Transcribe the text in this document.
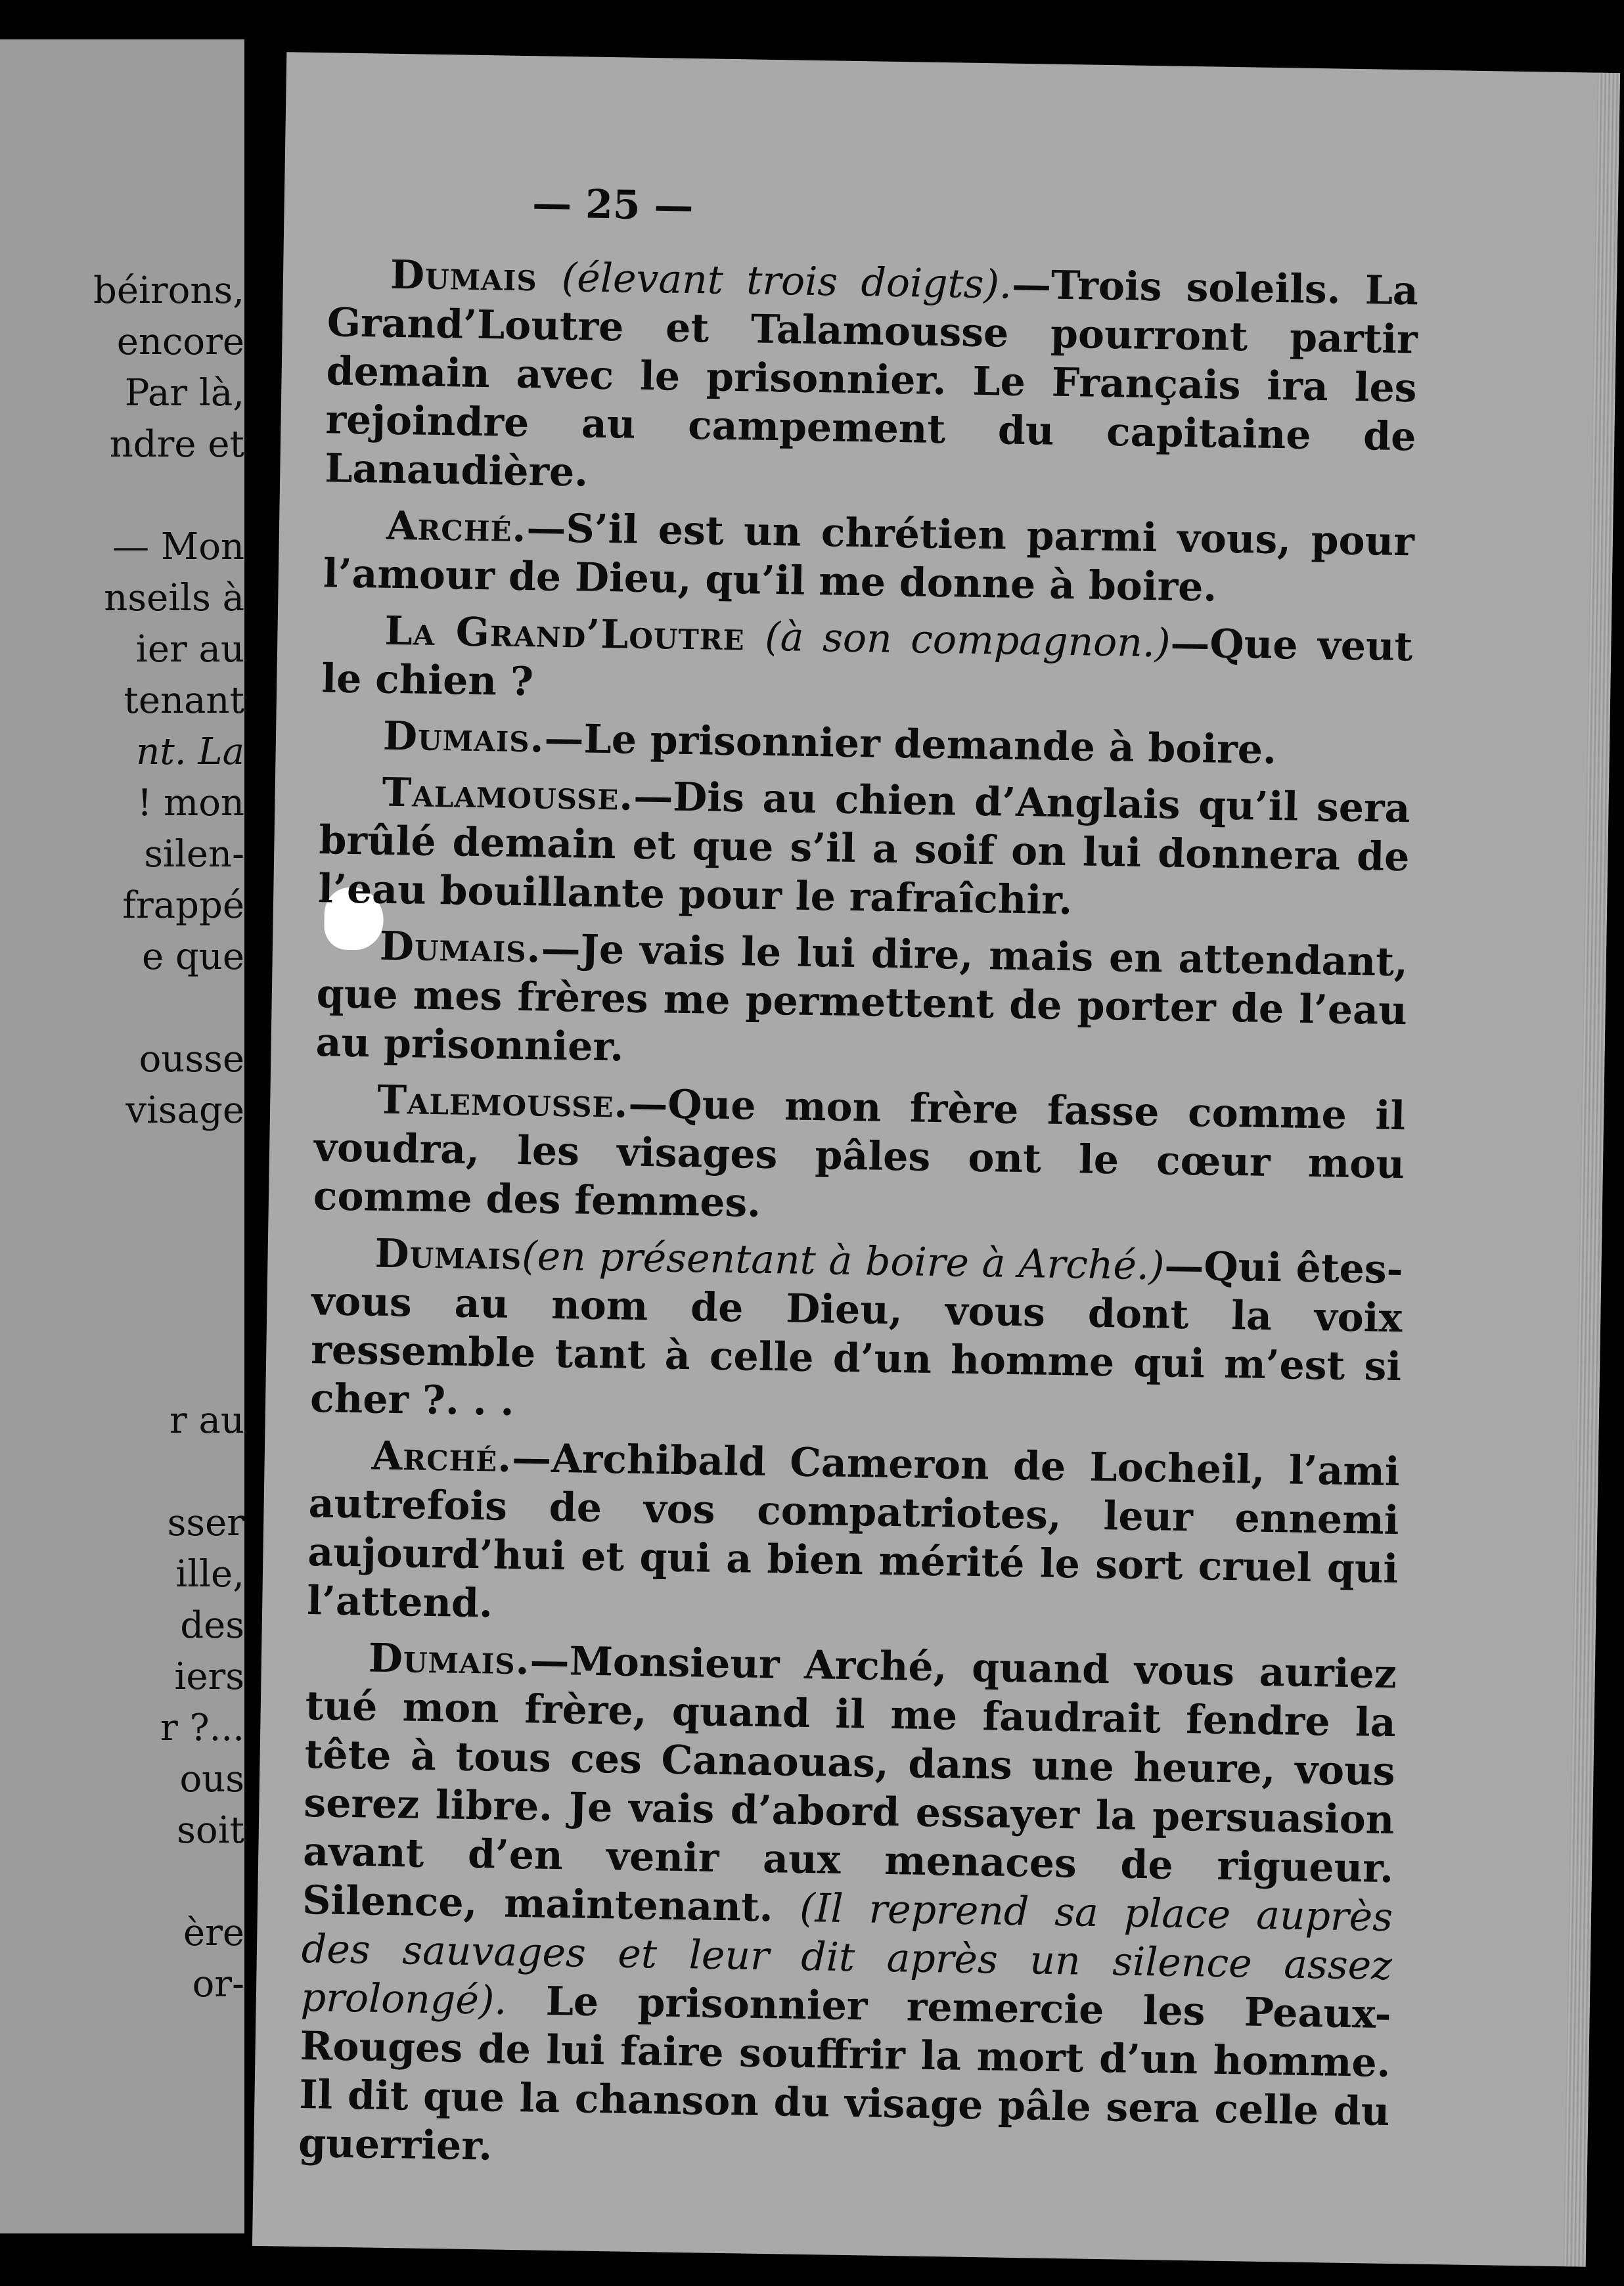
béirons,
encore
Par là,
ndre et
— Mon
nseils à
ier au
tenant
nt. La
! mon
silen-
frappé
e que
ousse
visage
r au
sser
ille,
des
iers
r ?...
ous
soit
ère
or-
— 25 —

Dumais (élevant trois doigts).—Trois soleils. La Grand’Loutre et Talamousse pourront partir demain avec le prisonnier. Le Français ira les rejoindre au campement du capitaine de Lanaudière.

Arché.—S’il est un chrétien parmi vous, pour l’amour de Dieu, qu’il me donne à boire.

La Grand’Loutre (à son compagnon.)—Que veut le chien ?

Dumais.—Le prisonnier demande à boire.

Talamousse.—Dis au chien d’Anglais qu’il sera brûlé demain et que s’il a soif on lui donnera de l’eau bouillante pour le rafraîchir.

Dumais.—Je vais le lui dire, mais en attendant, que mes frères me permettent de porter de l’eau au prisonnier.

Talemousse.—Que mon frère fasse comme il voudra, les visages pâles ont le cœur mou comme des femmes.

Dumais(en présentant à boire à Arché.)—Qui êtes-vous au nom de Dieu, vous dont la voix ressemble tant à celle d’un homme qui m’est si cher ?. . .

Arché.—Archibald Cameron de Locheil, l’ami autrefois de vos compatriotes, leur ennemi aujourd’hui et qui a bien mérité le sort cruel qui l’attend.

Dumais.—Monsieur Arché, quand vous auriez tué mon frère, quand il me faudrait fendre la tête à tous ces Canaouas, dans une heure, vous serez libre. Je vais d’abord essayer la persuasion avant d’en venir aux menaces de rigueur. Silence, maintenant. (Il reprend sa place auprès des sauvages et leur dit après un silence assez prolongé). Le prisonnier remercie les Peaux-Rouges de lui faire souffrir la mort d’un homme. Il dit que la chanson du visage pâle sera celle du guerrier.
